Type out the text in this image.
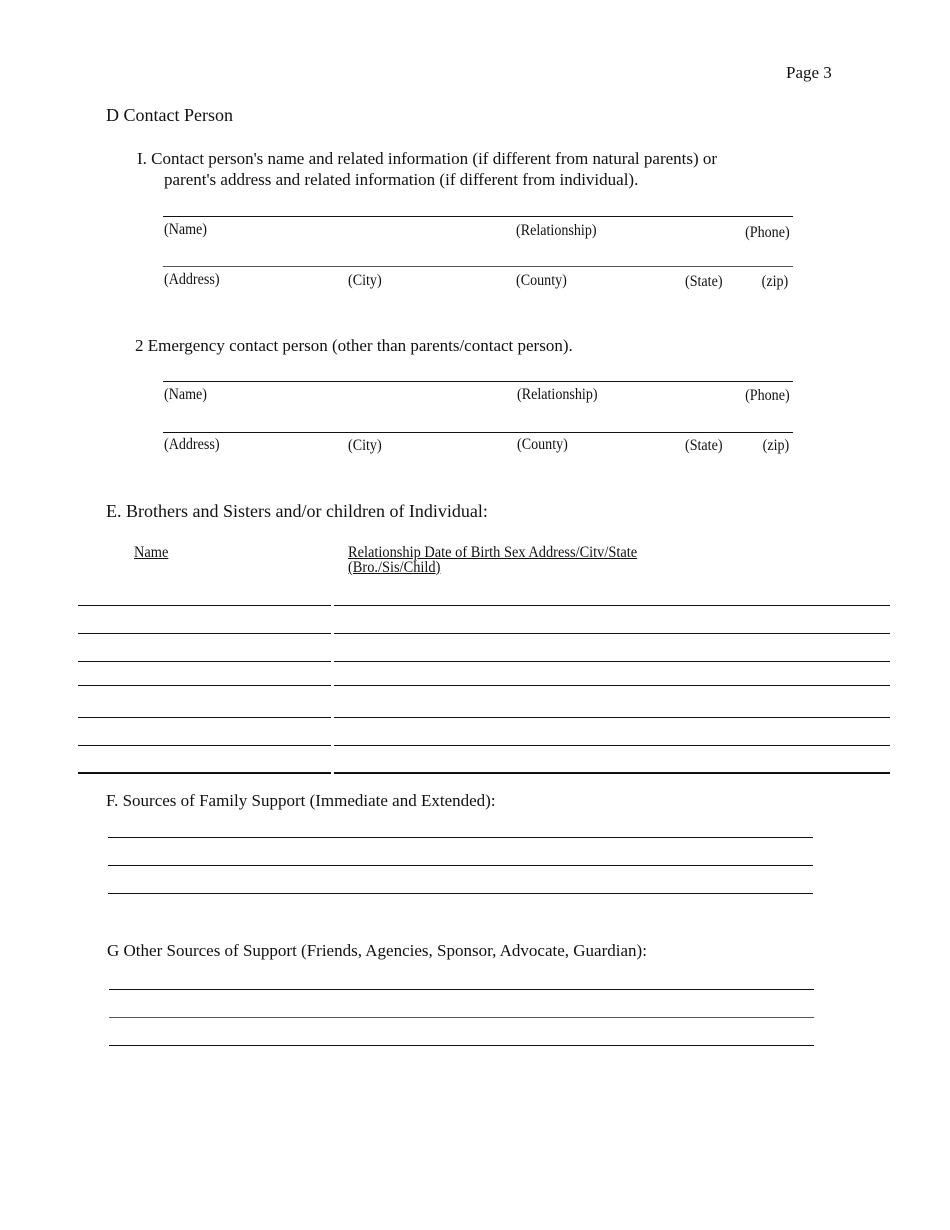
Page 3
D Contact Person
I. Contact person's name and related information (if different from natural parents) or
parent's address and related information (if different from individual).
(Name)	(Relationship)	(Phone)
(Address)	(City)	(County)	(State) (zip)
2 Emergency contact person (other than parents/contact person).
(Name)	(Relationship)	(Phone)
(Address)	(City)	(County)	(State) (zip)
E. Brothers and Sisters and/or children of Individual:
Name	Relationship Date of Birth Sex Address/Citv/State
(Bro./Sis/Child)
F. Sources of Family Support (Immediate and Extended):
G Other Sources of Support (Friends, Agencies, Sponsor, Advocate, Guardian):
